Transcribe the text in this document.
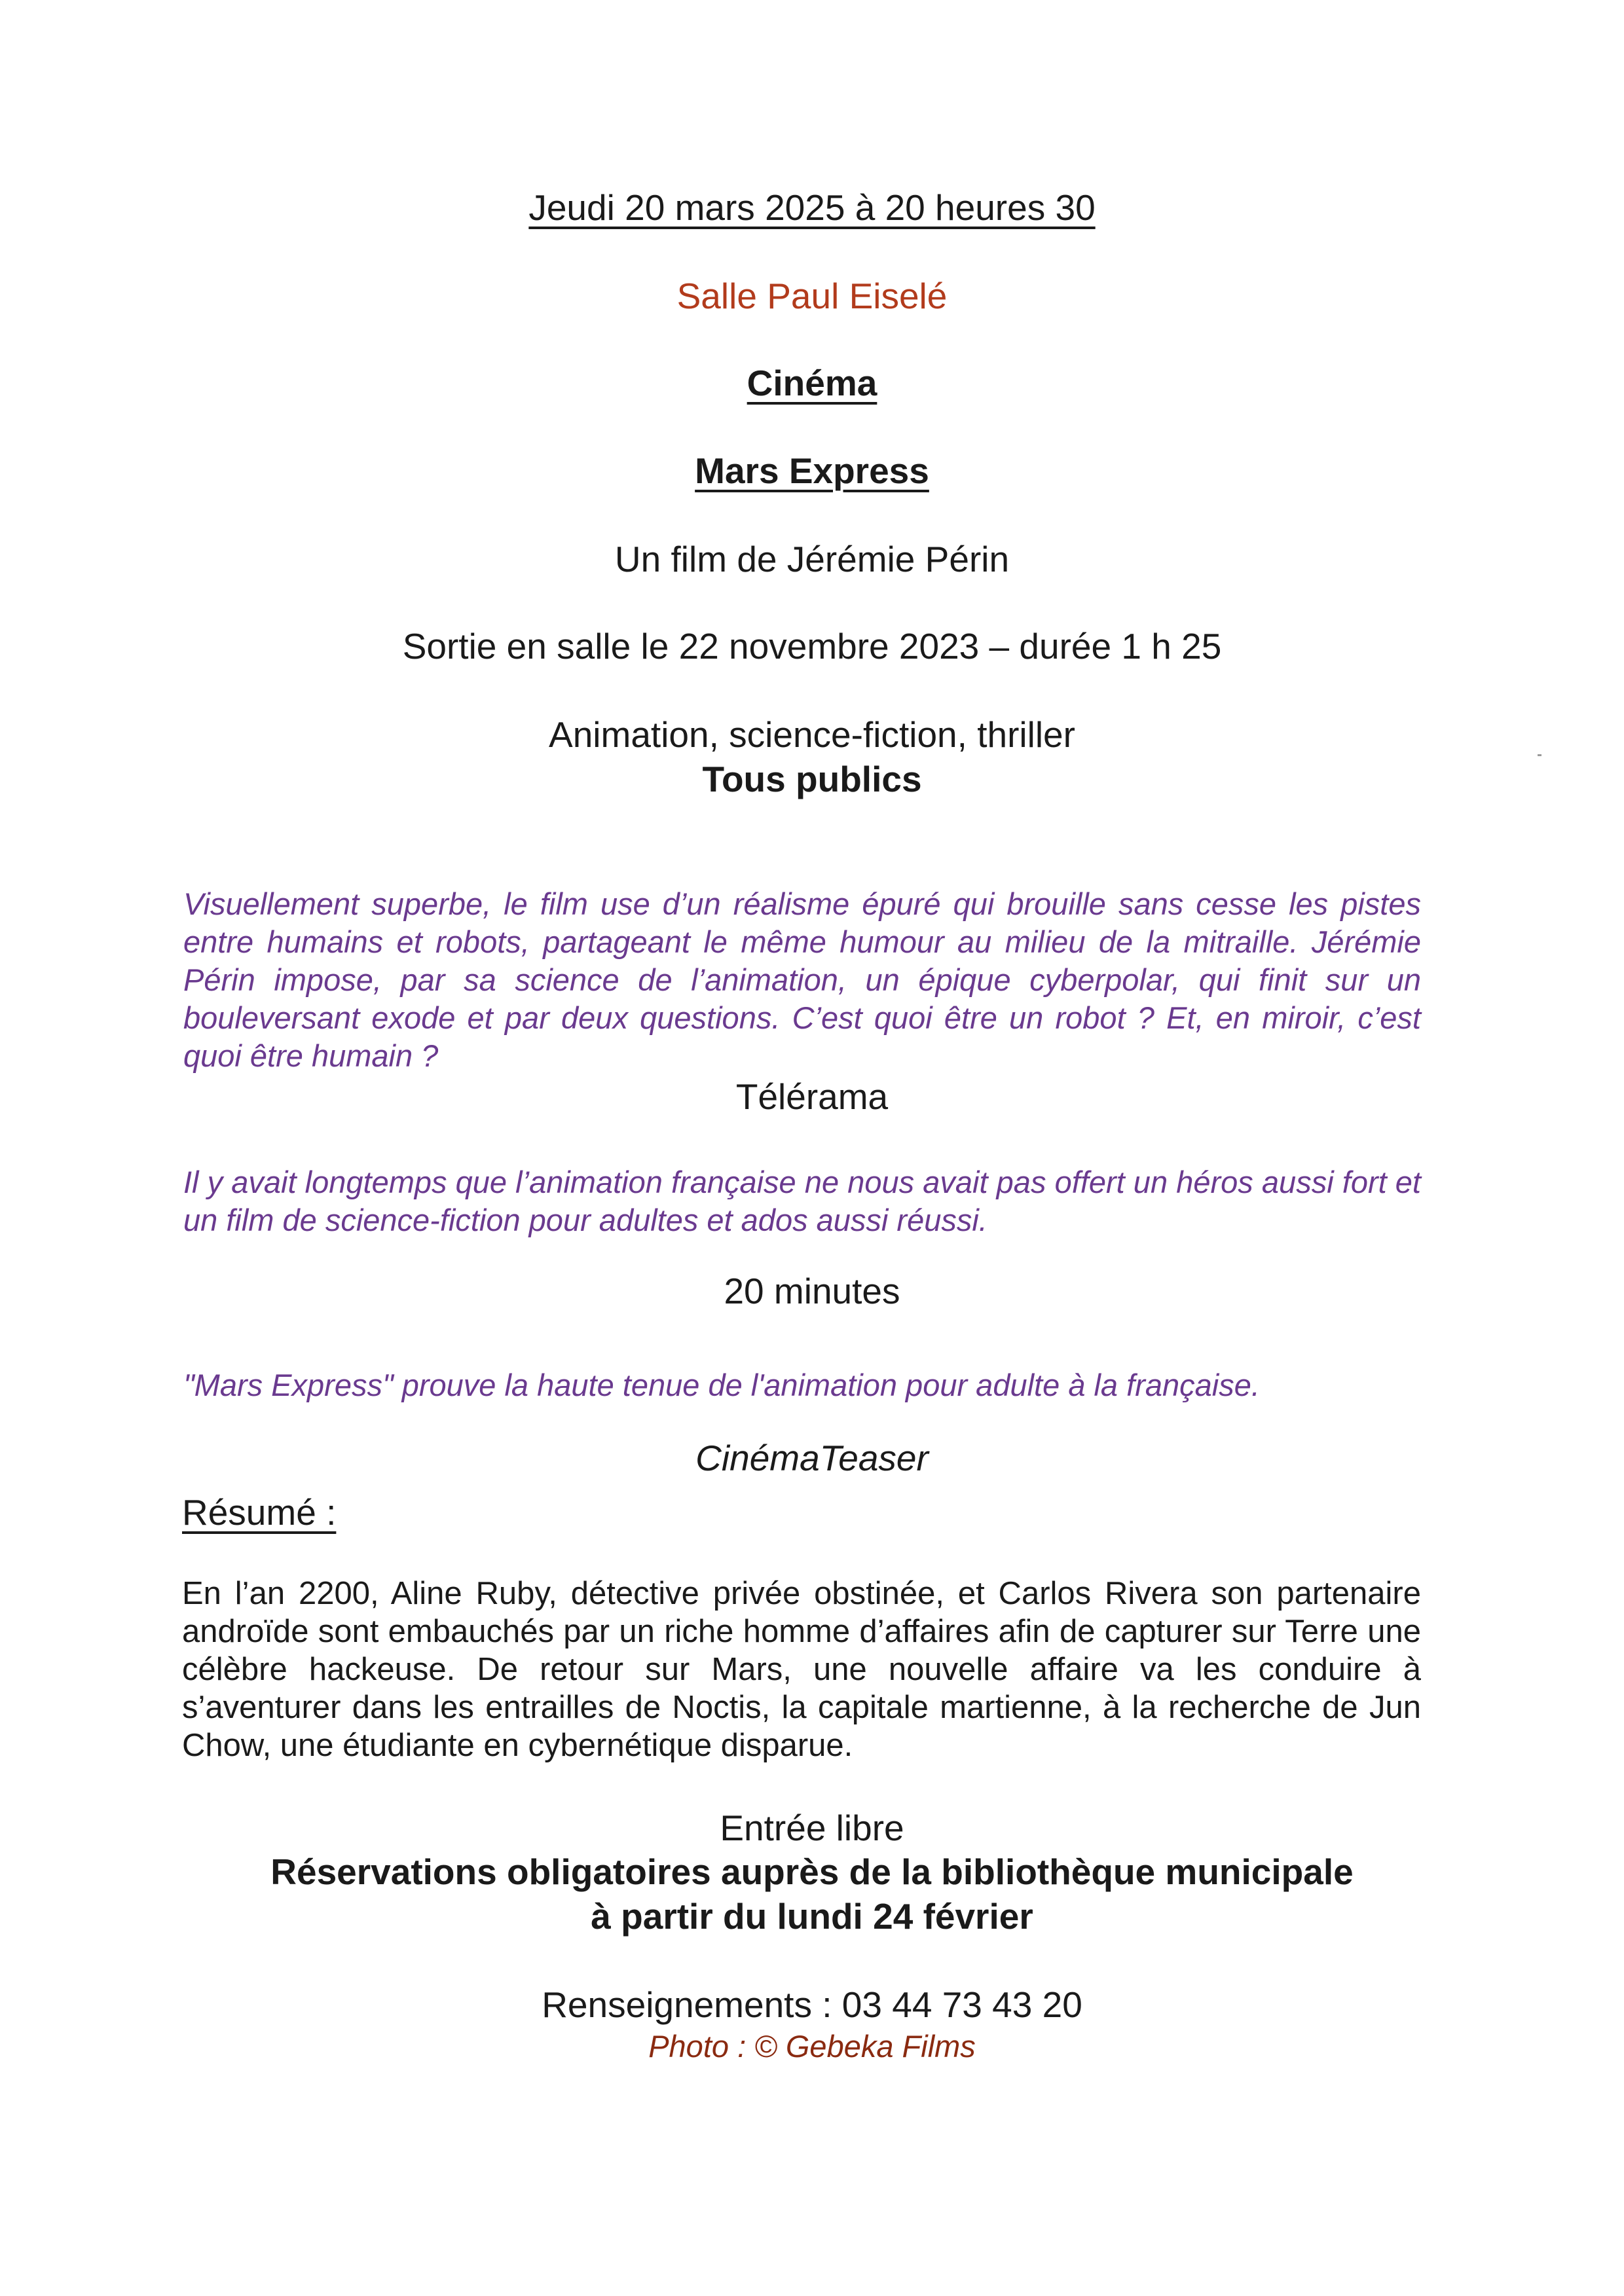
Jeudi 20 mars 2025 à 20 heures 30
Salle Paul Eiselé
Cinéma
Mars Express
Un film de Jérémie Périn
Sortie en salle le 22 novembre 2023 – durée 1 h 25
Animation, science-fiction, thriller
Tous publics
Visuellement superbe, le film use d’un réalisme épuré qui brouille sans cesse les pistes entre humains et robots, partageant le même humour au milieu de la mitraille. Jérémie Périn impose, par sa science de l’animation, un épique cyberpolar, qui finit sur un bouleversant exode et par deux questions. C’est quoi être un robot ? Et, en miroir, c’est quoi être humain ?
Télérama
Il y avait longtemps que l’animation française ne nous avait pas offert un héros aussi fort et un film de science-fiction pour adultes et ados aussi réussi.
20 minutes
"Mars Express" prouve la haute tenue de l'animation pour adulte à la française.
CinémaTeaser
Résumé :
En l’an 2200, Aline Ruby, détective privée obstinée, et Carlos Rivera son partenaire androïde sont embauchés par un riche homme d’affaires afin de capturer sur Terre une célèbre hackeuse. De retour sur Mars, une nouvelle affaire va les conduire à s’aventurer dans les entrailles de Noctis, la capitale martienne, à la recherche de Jun Chow, une étudiante en cybernétique disparue.
Entrée libre
Réservations obligatoires auprès de la bibliothèque municipale
à partir du lundi 24 février
Renseignements : 03 44 73 43 20
Photo : © Gebeka Films
